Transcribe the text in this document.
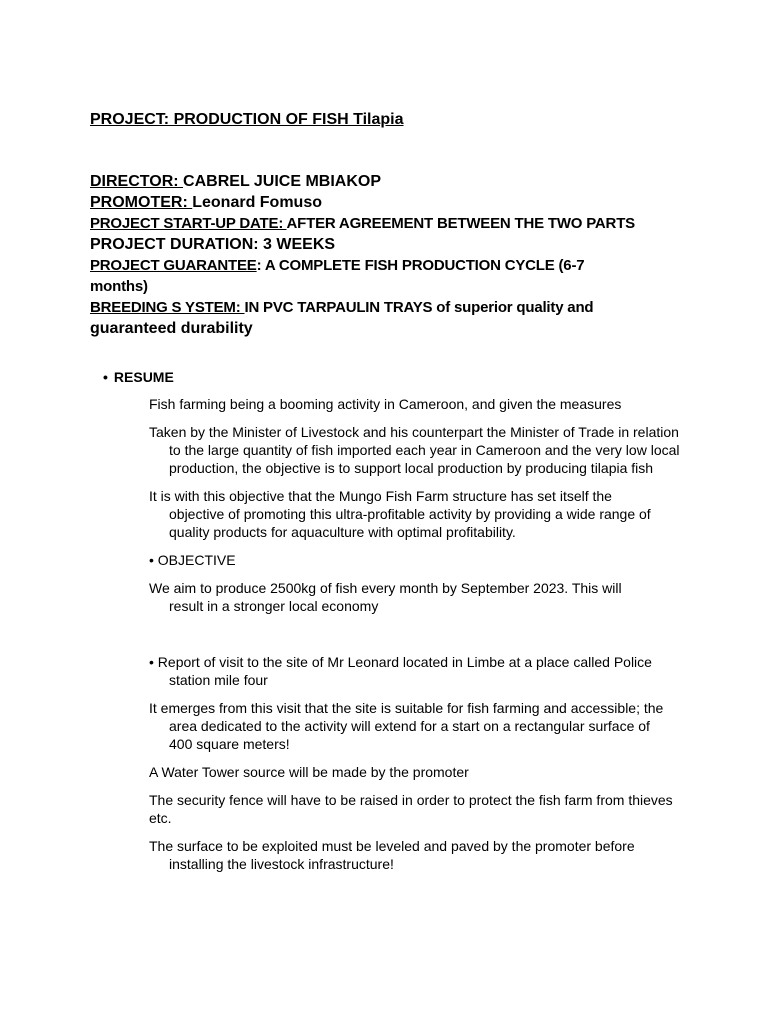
PROJECT: PRODUCTION OF FISH Tilapia
DIRECTOR: CABREL JUICE MBIAKOP
PROMOTER: Leonard Fomuso
PROJECT START-UP DATE: AFTER AGREEMENT BETWEEN THE TWO PARTS
PROJECT DURATION: 3 WEEKS
PROJECT GUARANTEE: A COMPLETE FISH PRODUCTION CYCLE (6-7
months)
BREEDING S YSTEM: IN PVC TARPAULIN TRAYS of superior quality and
guaranteed durability
• RESUME

Fish farming being a booming activity in Cameroon, and given the measures

Taken by the Minister of Livestock and his counterpart the Minister of Trade in relation
to the large quantity of fish imported each year in Cameroon and the very low local
production, the objective is to support local production by producing tilapia fish

It is with this objective that the Mungo Fish Farm structure has set itself the
objective of promoting this ultra-profitable activity by providing a wide range of
quality products for aquaculture with optimal profitability.

• OBJECTIVE

We aim to produce 2500kg of fish every month by September 2023. This will
result in a stronger local economy

• Report of visit to the site of Mr Leonard located in Limbe at a place called Police
station mile four

It emerges from this visit that the site is suitable for fish farming and accessible; the
area dedicated to the activity will extend for a start on a rectangular surface of
400 square meters!

A Water Tower source will be made by the promoter

The security fence will have to be raised in order to protect the fish farm from thieves
etc.

The surface to be exploited must be leveled and paved by the promoter before
installing the livestock infrastructure!
